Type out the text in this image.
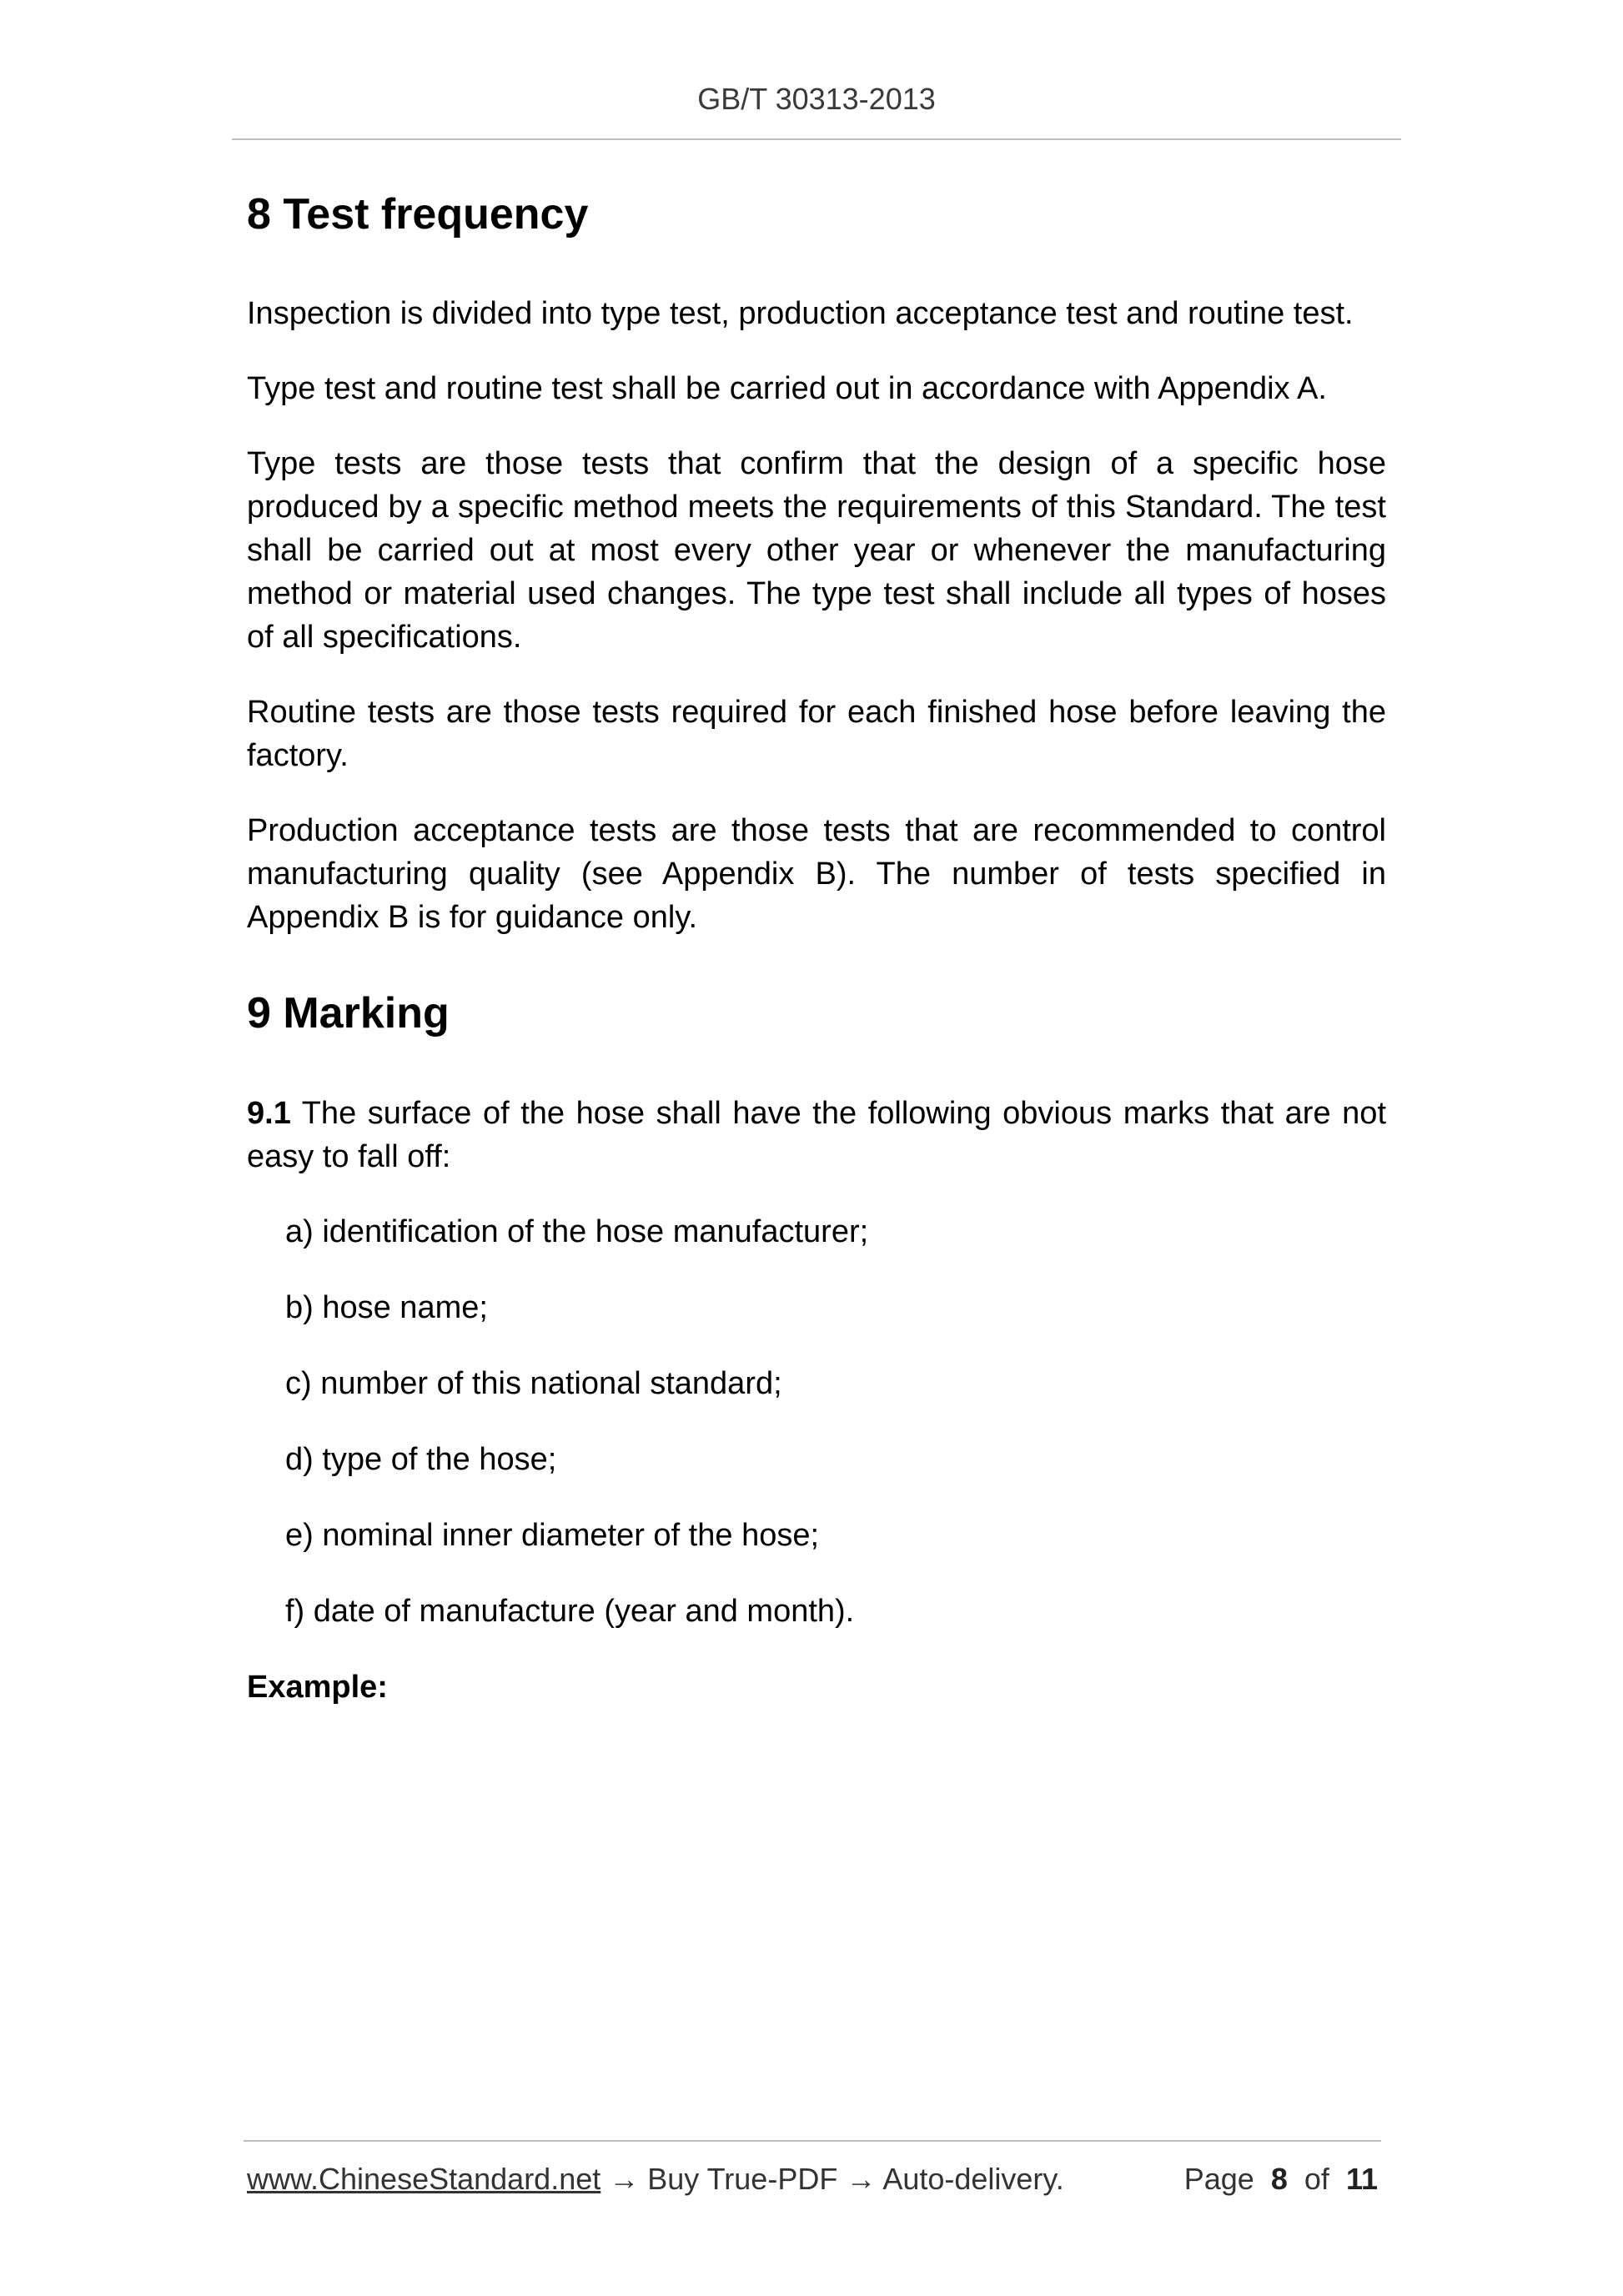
GB/T 30313-2013
8 Test frequency

Inspection is divided into type test, production acceptance test and routine test.

Type test and routine test shall be carried out in accordance with Appendix A.

Type tests are those tests that confirm that the design of a specific hose produced by a specific method meets the requirements of this Standard. The test shall be carried out at most every other year or whenever the manufacturing method or material used changes. The type test shall include all types of hoses of all specifications.

Routine tests are those tests required for each finished hose before leaving the factory.

Production acceptance tests are those tests that are recommended to control manufacturing quality (see Appendix B). The number of tests specified in Appendix B is for guidance only.

9 Marking

9.1 The surface of the hose shall have the following obvious marks that are not easy to fall off:

a) identification of the hose manufacturer;
b) hose name;
c) number of this national standard;
d) type of the hose;
e) nominal inner diameter of the hose;
f) date of manufacture (year and month).

Example:

www.ChineseStandard.net → Buy True-PDF → Auto-delivery.	Page 8 of 11
